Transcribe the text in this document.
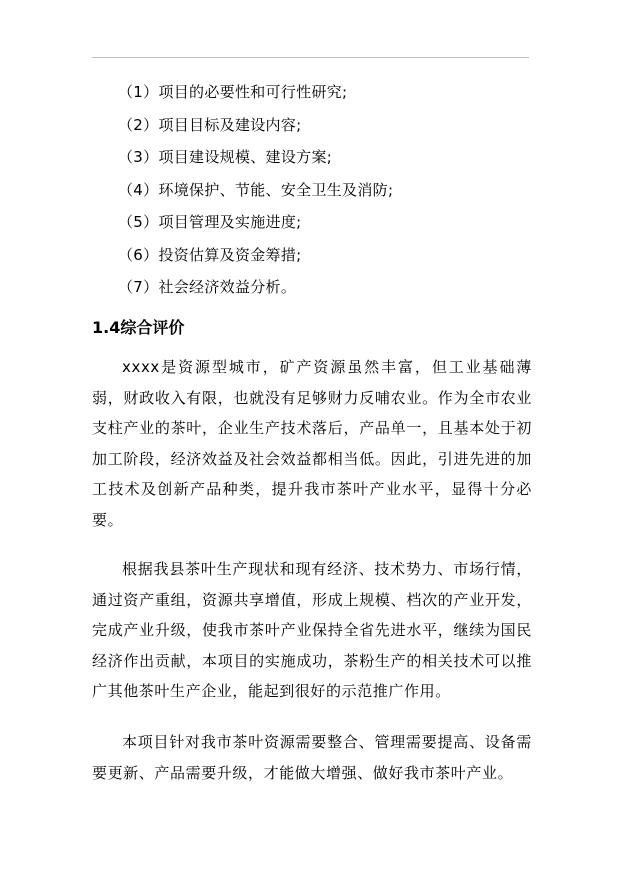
（1）项目的必要性和可行性研究;
（2）项目目标及建设内容;
（3）项目建设规模、建设方案;
（4）环境保护、节能、安全卫生及消防;
（5）项目管理及实施进度;
（6）投资估算及资金筹措;
（7）社会经济效益分析。
1.4综合评价

xxxx是资源型城市，矿产资源虽然丰富，但工业基础薄弱，财政收入有限，也就没有足够财力反哺农业。作为全市农业支柱产业的茶叶，企业生产技术落后，产品单一，且基本处于初加工阶段，经济效益及社会效益都相当低。因此，引进先进的加工技术及创新产品种类，提升我市茶叶产业水平，显得十分必要。

根据我县茶叶生产现状和现有经济、技术势力、市场行情，通过资产重组，资源共享增值，形成上规模、档次的产业开发，完成产业升级，使我市茶叶产业保持全省先进水平，继续为国民经济作出贡献，本项目的实施成功，茶粉生产的相关技术可以推广其他茶叶生产企业，能起到很好的示范推广作用。

本项目针对我市茶叶资源需要整合、管理需要提高、设备需要更新、产品需要升级，才能做大增强、做好我市茶叶产业。
